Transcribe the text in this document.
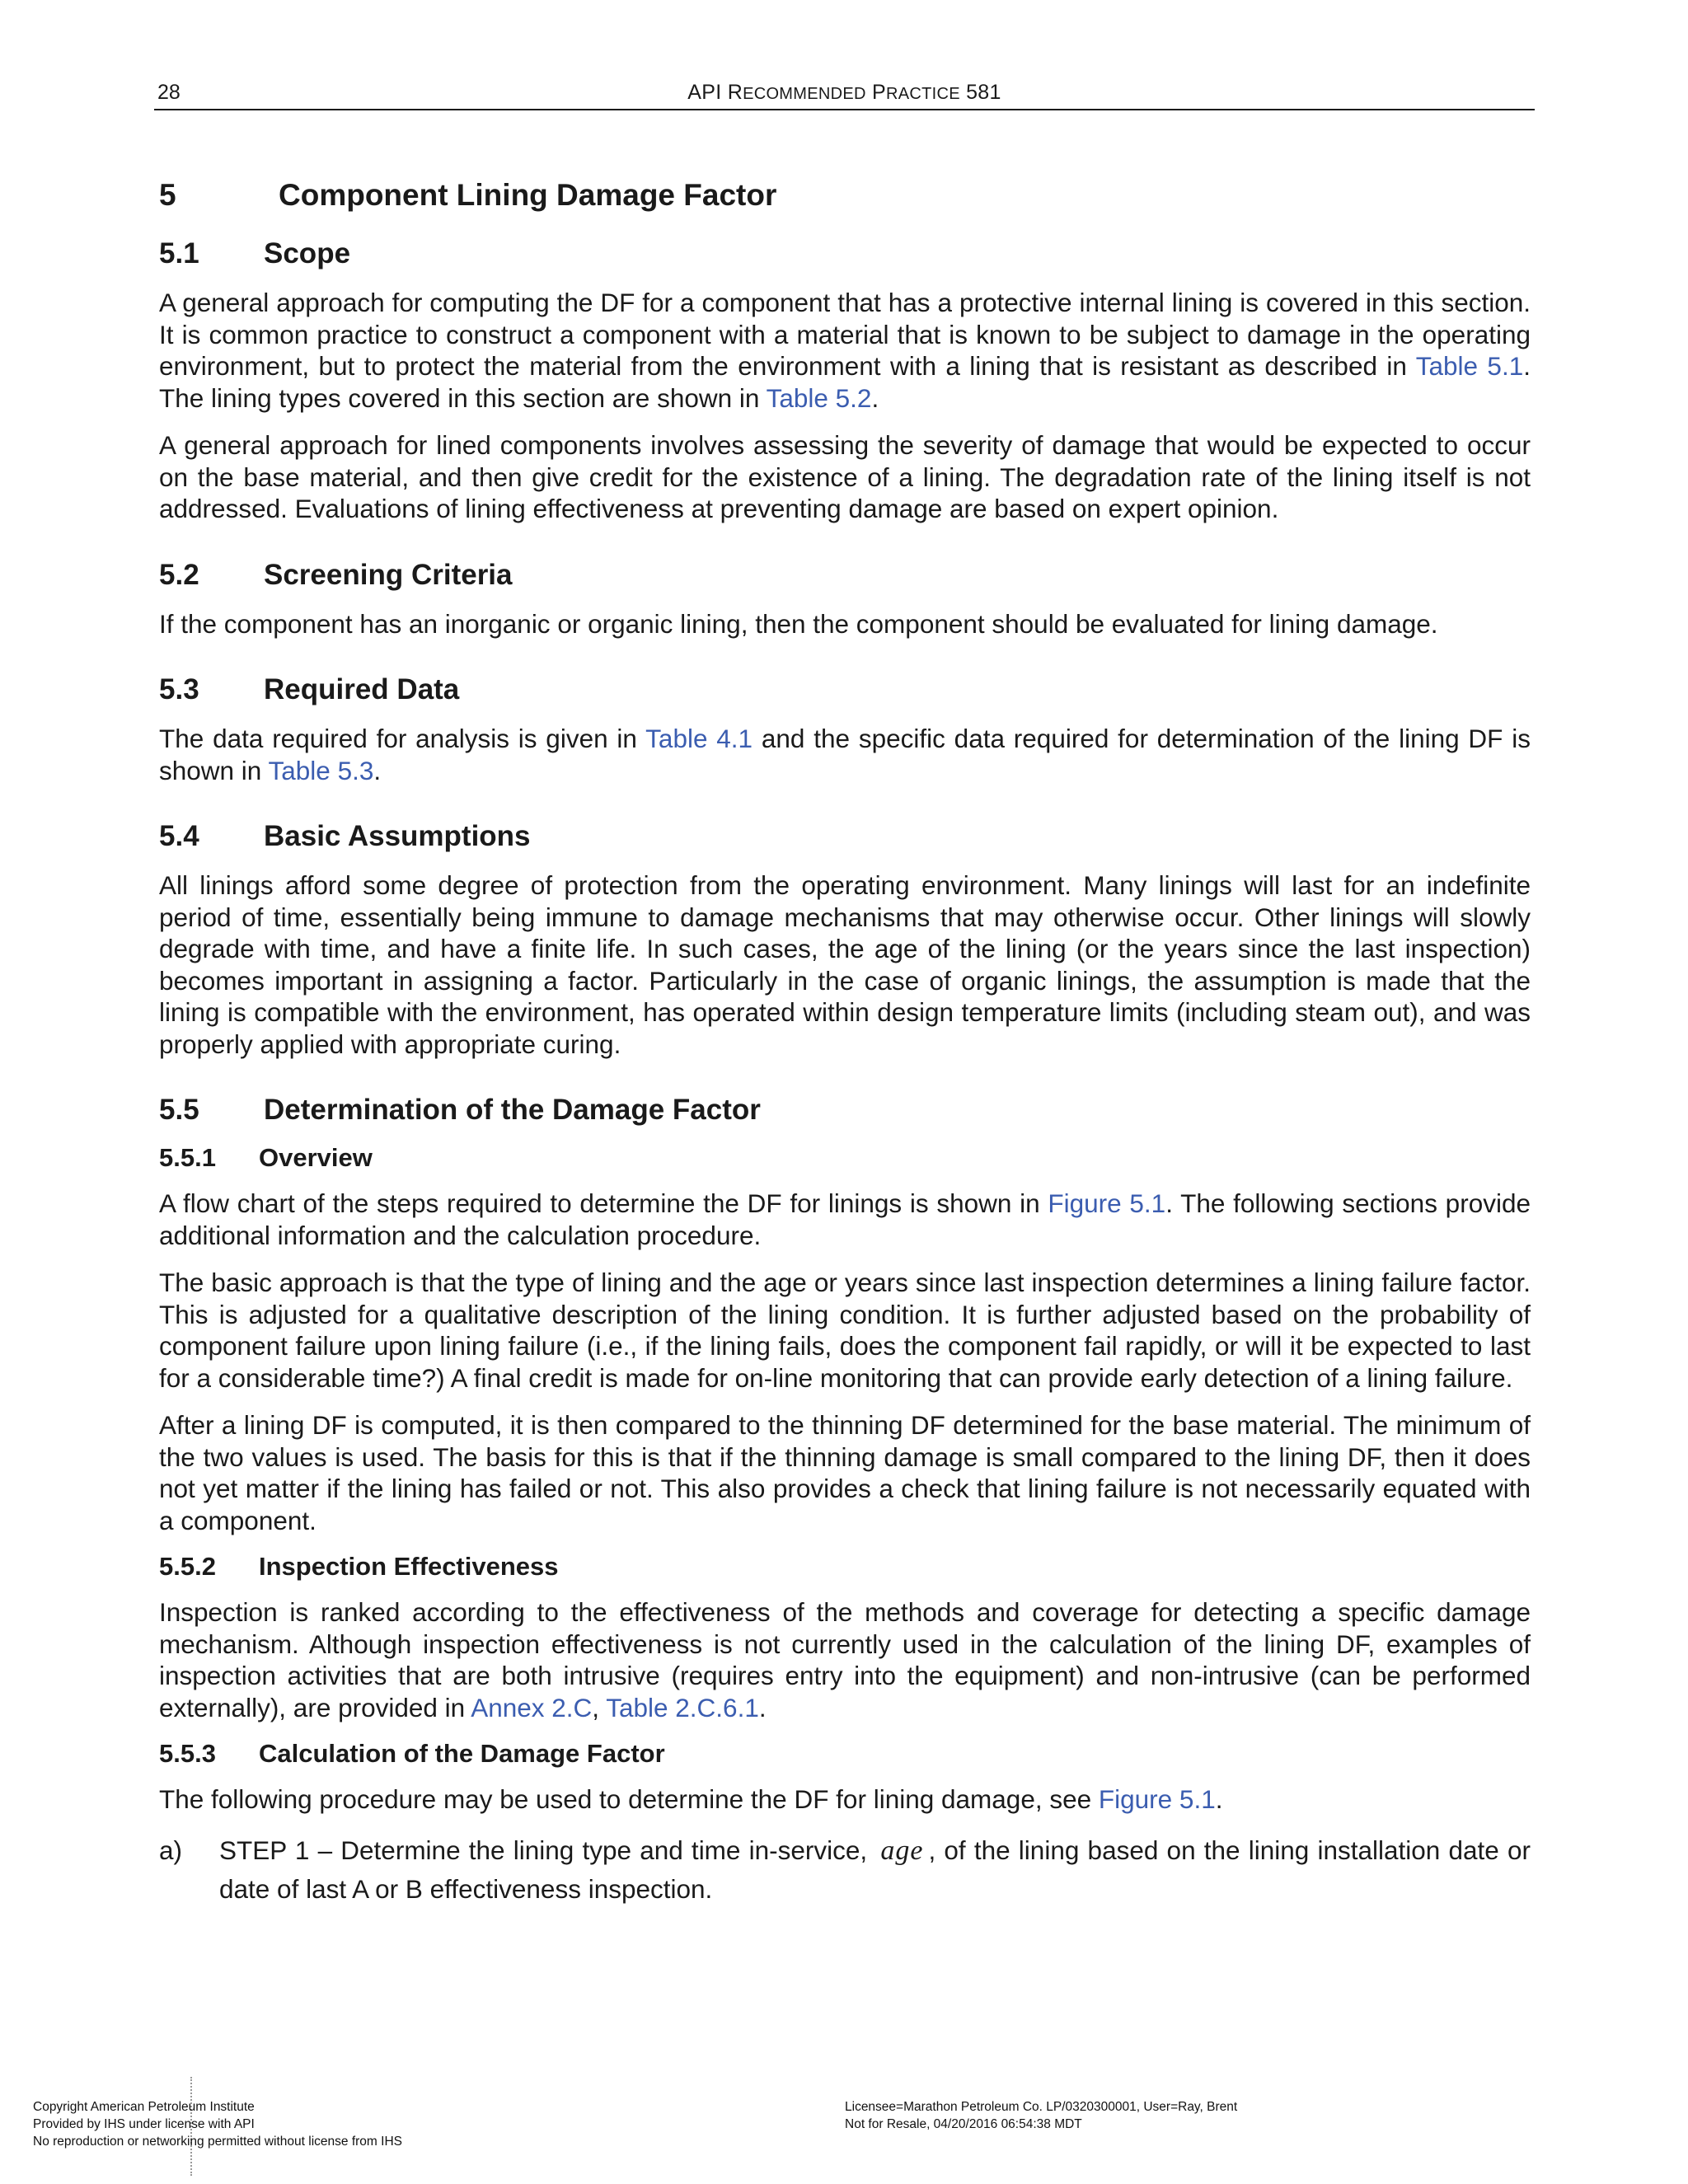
28	API RECOMMENDED PRACTICE 581
5	Component Lining Damage Factor
5.1	Scope

A general approach for computing the DF for a component that has a protective internal lining is covered in this section. It is common practice to construct a component with a material that is known to be subject to damage in the operating environment, but to protect the material from the environment with a lining that is resistant as described in Table 5.1. The lining types covered in this section are shown in Table 5.2.

A general approach for lined components involves assessing the severity of damage that would be expected to occur on the base material, and then give credit for the existence of a lining. The degradation rate of the lining itself is not addressed. Evaluations of lining effectiveness at preventing damage are based on expert opinion.

5.2	Screening Criteria

If the component has an inorganic or organic lining, then the component should be evaluated for lining damage.

5.3	Required Data

The data required for analysis is given in Table 4.1 and the specific data required for determination of the lining DF is shown in Table 5.3.

5.4	Basic Assumptions

All linings afford some degree of protection from the operating environment. Many linings will last for an indefinite period of time, essentially being immune to damage mechanisms that may otherwise occur. Other linings will slowly degrade with time, and have a finite life. In such cases, the age of the lining (or the years since the last inspection) becomes important in assigning a factor. Particularly in the case of organic linings, the assumption is made that the lining is compatible with the environment, has operated within design temperature limits (including steam out), and was properly applied with appropriate curing.

5.5	Determination of the Damage Factor
5.5.1	Overview

A flow chart of the steps required to determine the DF for linings is shown in Figure 5.1. The following sections provide additional information and the calculation procedure.

The basic approach is that the type of lining and the age or years since last inspection determines a lining failure factor. This is adjusted for a qualitative description of the lining condition. It is further adjusted based on the probability of component failure upon lining failure (i.e., if the lining fails, does the component fail rapidly, or will it be expected to last for a considerable time?) A final credit is made for on-line monitoring that can provide early detection of a lining failure.

After a lining DF is computed, it is then compared to the thinning DF determined for the base material. The minimum of the two values is used. The basis for this is that if the thinning damage is small compared to the lining DF, then it does not yet matter if the lining has failed or not. This also provides a check that lining failure is not necessarily equated with a component.

5.5.2	Inspection Effectiveness

Inspection is ranked according to the effectiveness of the methods and coverage for detecting a specific damage mechanism. Although inspection effectiveness is not currently used in the calculation of the lining DF, examples of inspection activities that are both intrusive (requires entry into the equipment) and non-intrusive (can be performed externally), are provided in Annex 2.C, Table 2.C.6.1.

5.5.3	Calculation of the Damage Factor

The following procedure may be used to determine the DF for lining damage, see Figure 5.1.

a)	STEP 1 – Determine the lining type and time in-service, age , of the lining based on the lining installation date or date of last A or B effectiveness inspection.
Copyright American Petroleum Institute
Provided by IHS under license with API
No reproduction or networking permitted without license from IHS
Licensee=Marathon Petroleum Co. LP/0320300001, User=Ray, Brent
Not for Resale, 04/20/2016 06:54:38 MDT
